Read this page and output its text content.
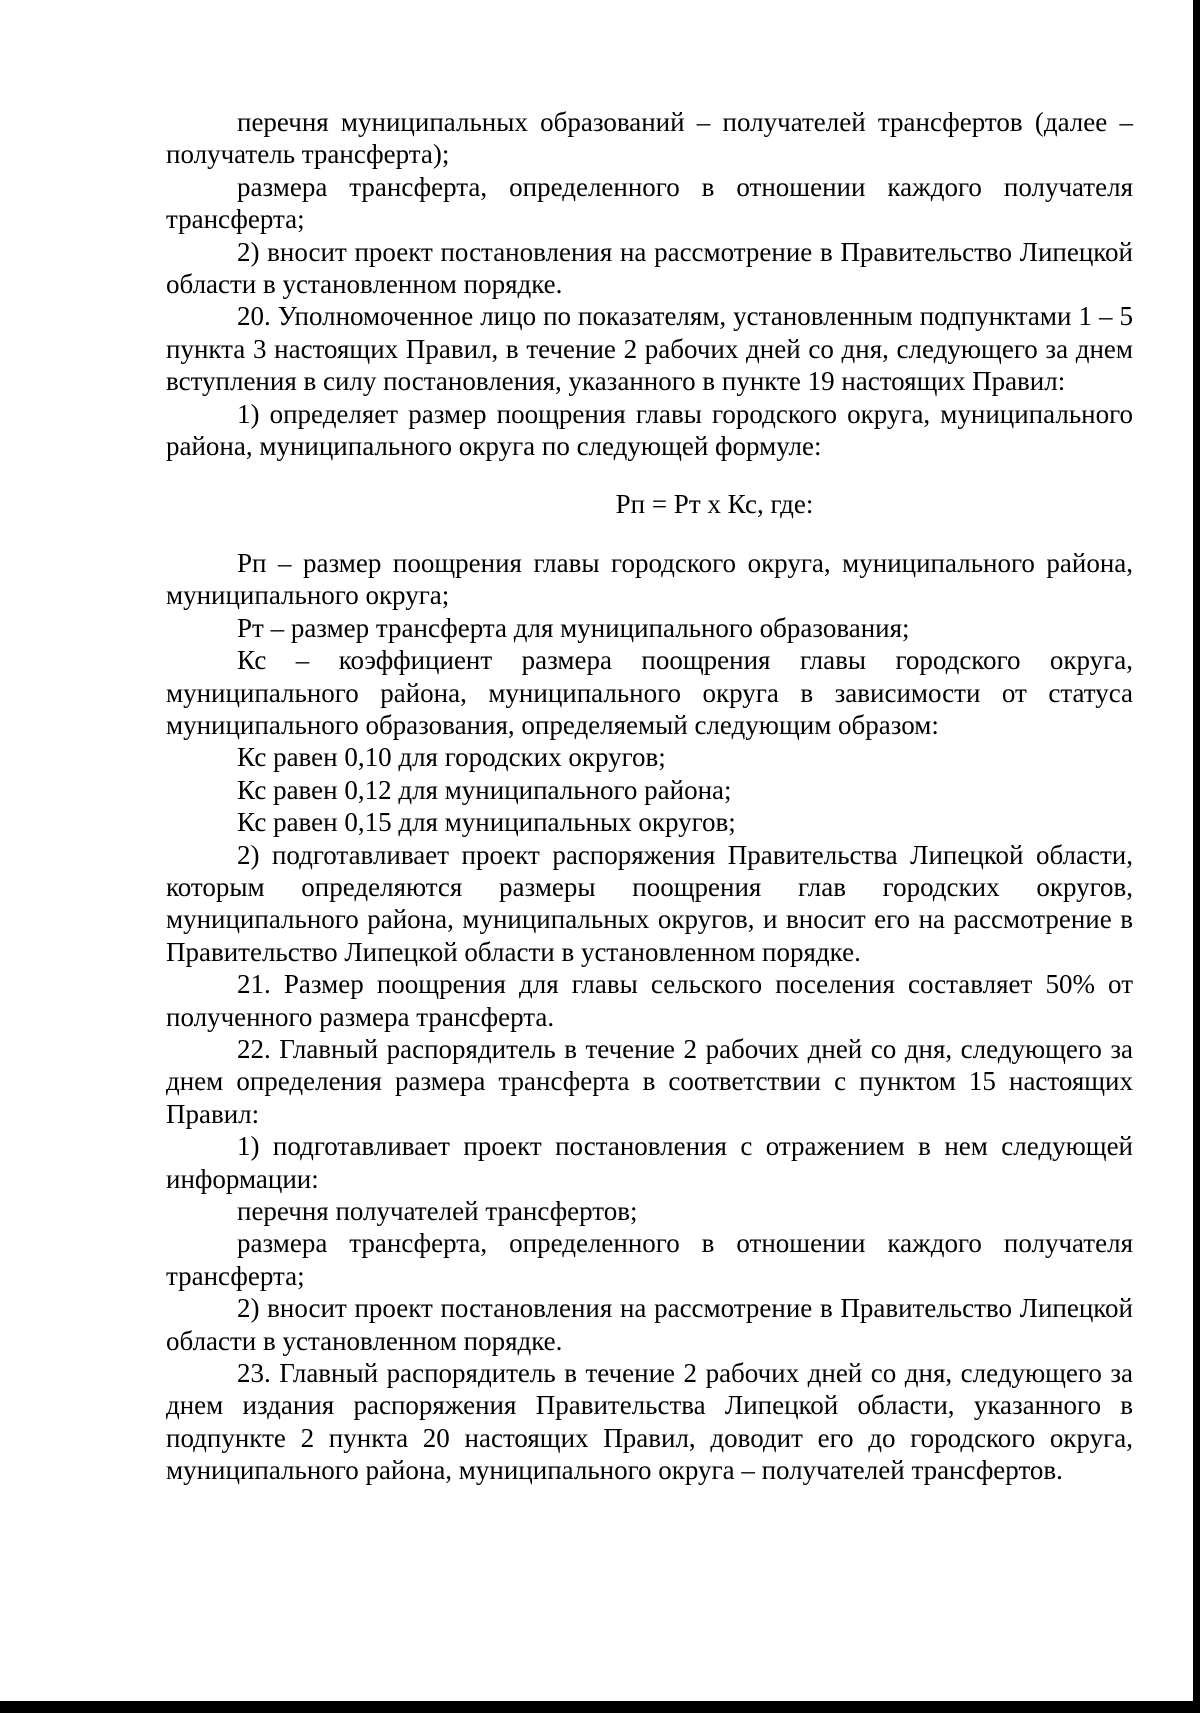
перечня муниципальных образований – получателей трансфертов (далее – получатель трансферта);

размера трансферта, определенного в отношении каждого получателя трансферта;

2) вносит проект постановления на рассмотрение в Правительство Липецкой области в установленном порядке.

20. Уполномоченное лицо по показателям, установленным подпунктами 1 – 5 пункта 3 настоящих Правил, в течение 2 рабочих дней со дня, следующего за днем вступления в силу постановления, указанного в пункте 19 настоящих Правил:

1) определяет размер поощрения главы городского округа, муниципального района, муниципального округа по следующей формуле:

Рп = Рт х Кс, где:

Рп – размер поощрения главы городского округа, муниципального района, муниципального округа;

Рт – размер трансферта для муниципального образования;

Кс – коэффициент размера поощрения главы городского округа, муниципального района, муниципального округа в зависимости от статуса муниципального образования, определяемый следующим образом:

Кс равен 0,10 для городских округов;

Кс равен 0,12 для муниципального района;

Кс равен 0,15 для муниципальных округов;

2) подготавливает проект распоряжения Правительства Липецкой области, которым определяются размеры поощрения глав городских округов, муниципального района, муниципальных округов, и вносит его на рассмотрение в Правительство Липецкой области в установленном порядке.

21. Размер поощрения для главы сельского поселения составляет 50% от полученного размера трансферта.

22. Главный распорядитель в течение 2 рабочих дней со дня, следующего за днем определения размера трансферта в соответствии с пунктом 15 настоящих Правил:

1) подготавливает проект постановления с отражением в нем следующей информации:

перечня получателей трансфертов;

размера трансферта, определенного в отношении каждого получателя трансферта;

2) вносит проект постановления на рассмотрение в Правительство Липецкой области в установленном порядке.

23. Главный распорядитель в течение 2 рабочих дней со дня, следующего за днем издания распоряжения Правительства Липецкой области, указанного в подпункте 2 пункта 20 настоящих Правил, доводит его до городского округа, муниципального района, муниципального округа – получателей трансфертов.
